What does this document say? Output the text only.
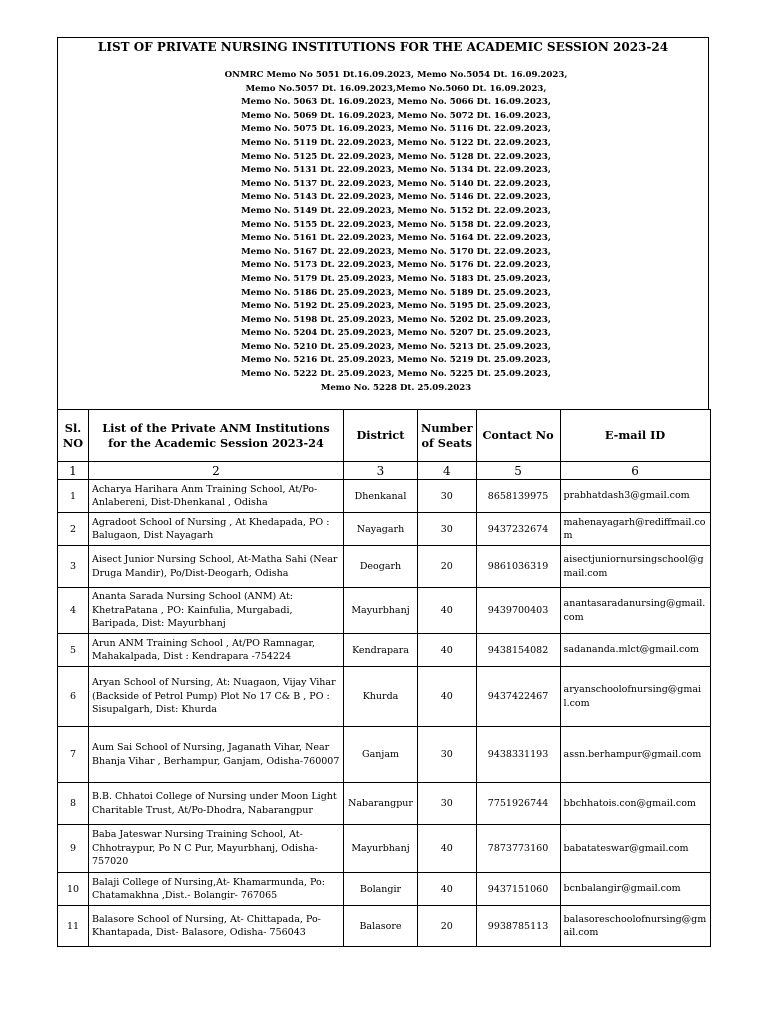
LIST OF PRIVATE NURSING INSTITUTIONS FOR THE ACADEMIC SESSION 2023-24
ONMRC Memo No 5051 Dt.16.09.2023, Memo No.5054 Dt. 16.09.2023,
Memo No.5057 Dt. 16.09.2023,Memo No.5060 Dt. 16.09.2023,
Memo No. 5063 Dt. 16.09.2023, Memo No. 5066 Dt. 16.09.2023,
Memo No. 5069 Dt. 16.09.2023, Memo No. 5072 Dt. 16.09.2023,
Memo No. 5075 Dt. 16.09.2023, Memo No. 5116 Dt. 22.09.2023,
Memo No. 5119 Dt. 22.09.2023, Memo No. 5122 Dt. 22.09.2023,
Memo No. 5125 Dt. 22.09.2023, Memo No. 5128 Dt. 22.09.2023,
Memo No. 5131 Dt. 22.09.2023, Memo No. 5134 Dt. 22.09.2023,
Memo No. 5137 Dt. 22.09.2023, Memo No. 5140 Dt. 22.09.2023,
Memo No. 5143 Dt. 22.09.2023, Memo No. 5146 Dt. 22.09.2023,
Memo No. 5149 Dt. 22.09.2023, Memo No. 5152 Dt. 22.09.2023,
Memo No. 5155 Dt. 22.09.2023, Memo No. 5158 Dt. 22.09.2023,
Memo No. 5161 Dt. 22.09.2023, Memo No. 5164 Dt. 22.09.2023,
Memo No. 5167 Dt. 22.09.2023, Memo No. 5170 Dt. 22.09.2023,
Memo No. 5173 Dt. 22.09.2023, Memo No. 5176 Dt. 22.09.2023,
Memo No. 5179 Dt. 25.09.2023, Memo No. 5183 Dt. 25.09.2023,
Memo No. 5186 Dt. 25.09.2023, Memo No. 5189 Dt. 25.09.2023,
Memo No. 5192 Dt. 25.09.2023, Memo No. 5195 Dt. 25.09.2023,
Memo No. 5198 Dt. 25.09.2023, Memo No. 5202 Dt. 25.09.2023,
Memo No. 5204 Dt. 25.09.2023, Memo No. 5207 Dt. 25.09.2023,
Memo No. 5210 Dt. 25.09.2023, Memo No. 5213 Dt. 25.09.2023,
Memo No. 5216 Dt. 25.09.2023, Memo No. 5219 Dt. 25.09.2023,
Memo No. 5222 Dt. 25.09.2023, Memo No. 5225 Dt. 25.09.2023,
Memo No. 5228 Dt. 25.09.2023
Sl. NO	List of the Private ANM Institutions for the Academic Session 2023-24	District	Number of Seats	Contact No	E-mail ID
1	2	3	4	5	6
1	Acharya Harihara Anm Training School, At/Po-Anlabereni, Dist-Dhenkanal , Odisha	Dhenkanal	30	8658139975	prabhatdash3@gmail.com
2	Agradoot School of Nursing , At Khedapada, PO : Balugaon, Dist Nayagarh	Nayagarh	30	9437232674	mahenayagarh@rediffmail.com
3	Aisect Junior Nursing School, At-Matha Sahi (Near Druga Mandir), Po/Dist-Deogarh, Odisha	Deogarh	20	9861036319	aisectjuniornursingschool@gmail.com
4	Ananta Sarada Nursing School (ANM) At: KhetraPatana , PO: Kainfulia, Murgabadi, Baripada, Dist: Mayurbhanj	Mayurbhanj	40	9439700403	anantasaradanursing@gmail.com
5	Arun ANM Training School , At/PO Ramnagar, Mahakalpada, Dist : Kendrapara -754224	Kendrapara	40	9438154082	sadananda.mlct@gmail.com
6	Aryan School of Nursing, At: Nuagaon, Vijay Vihar (Backside of Petrol Pump) Plot No 17 C& B , PO : Sisupalgarh, Dist: Khurda	Khurda	40	9437422467	aryanschoolofnursing@gmail.com
7	Aum Sai School of Nursing, Jaganath Vihar, Near Bhanja Vihar , Berhampur, Ganjam, Odisha-760007	Ganjam	30	9438331193	assn.berhampur@gmail.com
8	B.B. Chhatoi College of Nursing under Moon Light Charitable Trust, At/Po-Dhodra, Nabarangpur	Nabarangpur	30	7751926744	bbchhatois.con@gmail.com
9	Baba Jateswar Nursing Training School, At-Chhotraypur, Po N C Pur, Mayurbhanj, Odisha-757020	Mayurbhanj	40	7873773160	babatateswar@gmail.com
10	Balaji College of Nursing,At- Khamarmunda, Po: Chatamakhna ,Dist.- Bolangir- 767065	Bolangir	40	9437151060	bcnbalangir@gmail.com
11	Balasore School of Nursing, At- Chittapada, Po-Khantapada, Dist- Balasore, Odisha- 756043	Balasore	20	9938785113	balasoreschoolofnursing@gmail.com
